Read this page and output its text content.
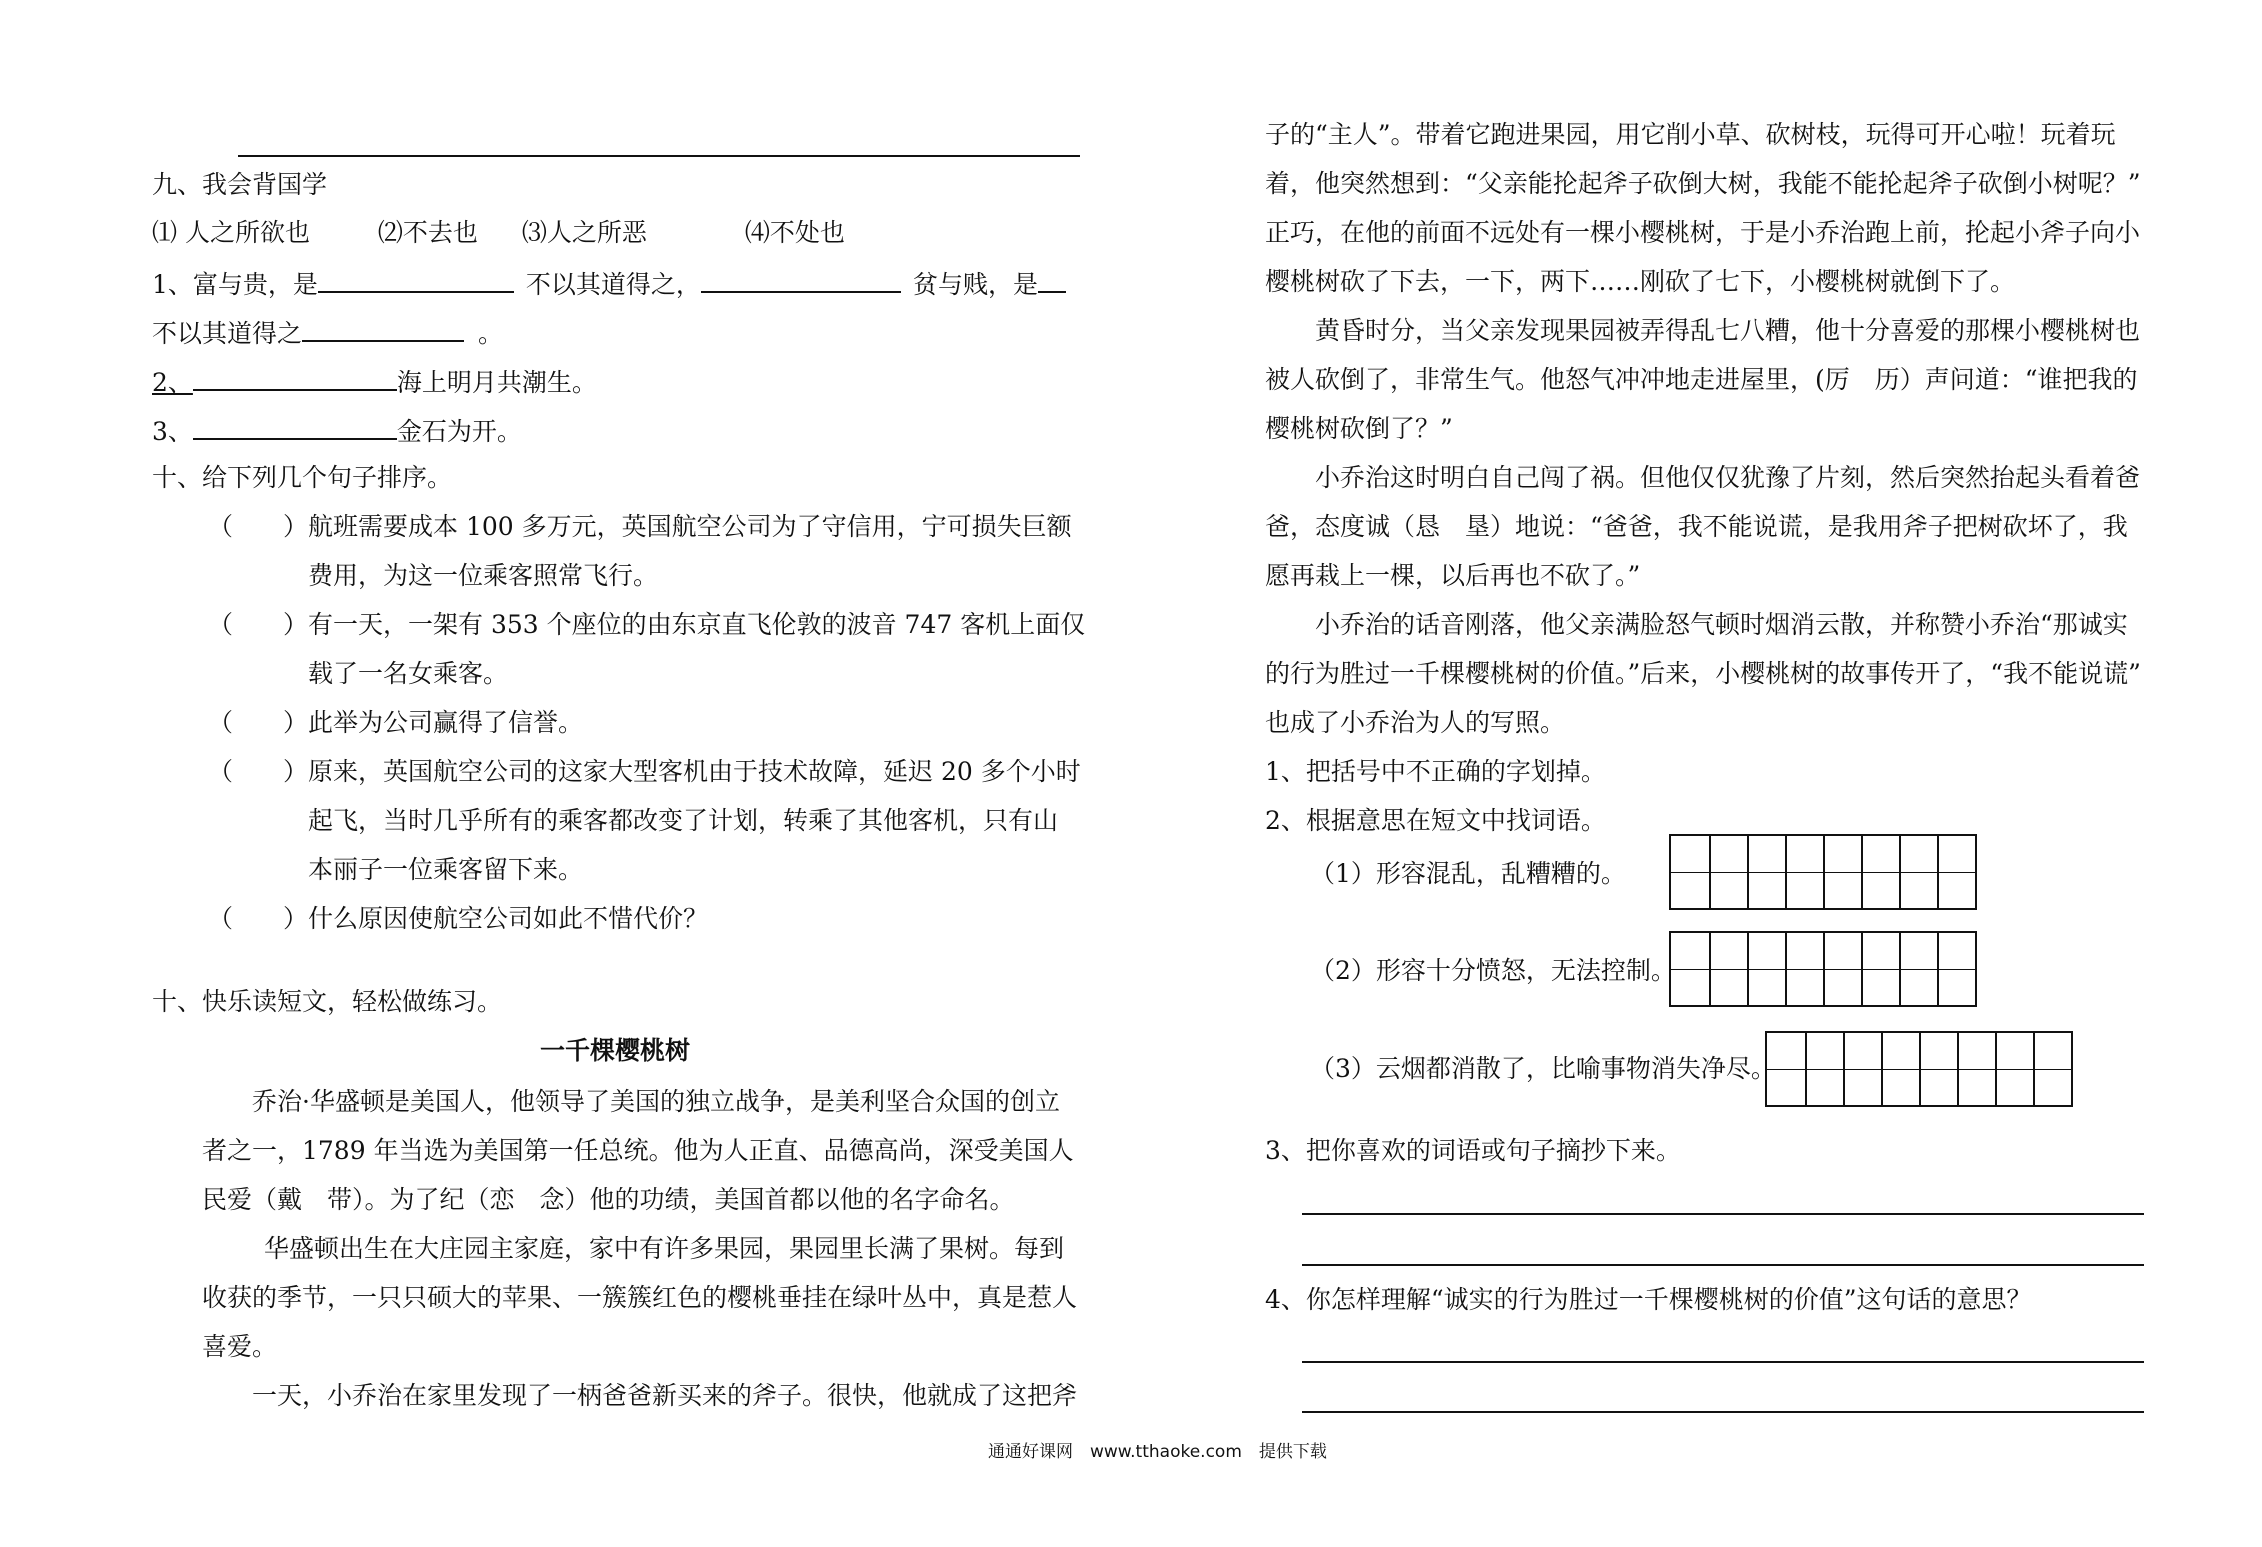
九、我会背国学
⑴ 人之所欲也	⑵不去也 ⑶人之所恶	⑷不处也
1、富与贵，是	不以其道得之，	贫与贱，是
不以其道得之	。
2、	海上明月共潮生。
3、	金石为开。
十、给下列几个句子排序。
（　　）航班需要成本 100 多万元，英国航空公司为了守信用，宁可损失巨额
费用，为这一位乘客照常飞行。
（　　）有一天，一架有 353 个座位的由东京直飞伦敦的波音 747 客机上面仅
载了一名女乘客。
（　　）此举为公司赢得了信誉。
（　　）原来，英国航空公司的这家大型客机由于技术故障，延迟 20 多个小时
起飞，当时几乎所有的乘客都改变了计划，转乘了其他客机，只有山
本丽子一位乘客留下来。
（　　）什么原因使航空公司如此不惜代价？
十、快乐读短文，轻松做练习。
一千棵樱桃树
乔治·华盛顿是美国人，他领导了美国的独立战争，是美利坚合众国的创立
者之一，1789 年当选为美国第一任总统。他为人正直、品德高尚，深受美国人
民爱（戴　带）。为了纪（恋　念）他的功绩，美国首都以他的名字命名。
华盛顿出生在大庄园主家庭，家中有许多果园，果园里长满了果树。每到
收获的季节，一只只硕大的苹果、一簇簇红色的樱桃垂挂在绿叶丛中，真是惹人
喜爱。
一天，小乔治在家里发现了一柄爸爸新买来的斧子。很快，他就成了这把斧
子的“主人”。带着它跑进果园，用它削小草、砍树枝，玩得可开心啦！玩着玩
着，他突然想到：“父亲能抡起斧子砍倒大树，我能不能抡起斧子砍倒小树呢？”
正巧，在他的前面不远处有一棵小樱桃树，于是小乔治跑上前，抡起小斧子向小
樱桃树砍了下去，一下，两下……刚砍了七下，小樱桃树就倒下了。
黄昏时分，当父亲发现果园被弄得乱七八糟，他十分喜爱的那棵小樱桃树也
被人砍倒了，非常生气。他怒气冲冲地走进屋里，(厉　历）声问道：“谁把我的
樱桃树砍倒了？”
小乔治这时明白自己闯了祸。但他仅仅犹豫了片刻，然后突然抬起头看着爸
爸，态度诚（恳　垦）地说：“爸爸，我不能说谎，是我用斧子把树砍坏了，我
愿再栽上一棵，以后再也不砍了。”
小乔治的话音刚落，他父亲满脸怒气顿时烟消云散，并称赞小乔治“那诚实
的行为胜过一千棵樱桃树的价值。”后来，小樱桃树的故事传开了，“我不能说谎”
也成了小乔治为人的写照。
1、把括号中不正确的字划掉。
2、根据意思在短文中找词语。
（1）形容混乱，乱糟糟的。
（2）形容十分愤怒，无法控制。
（3）云烟都消散了，比喻事物消失净尽。
3、把你喜欢的词语或句子摘抄下来。
4、你怎样理解“诚实的行为胜过一千棵樱桃树的价值”这句话的意思？
通通好课网　www.tthaoke.com　提供下载
